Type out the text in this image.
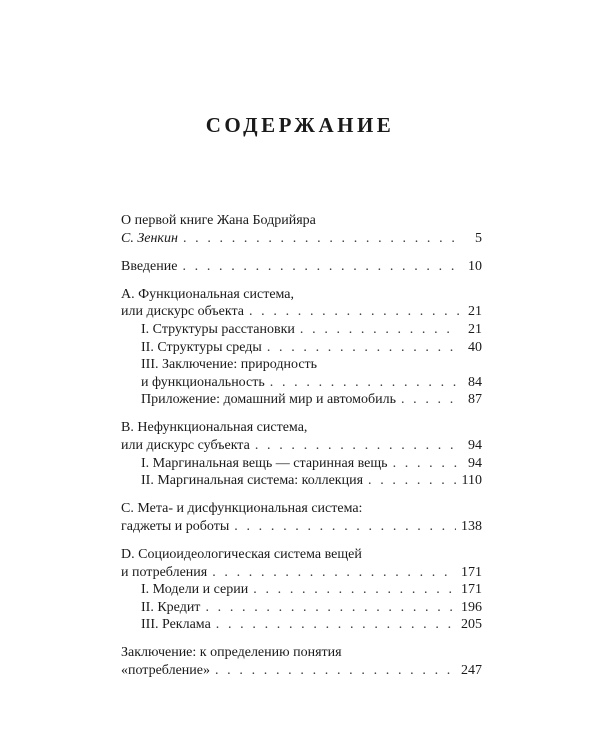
СОДЕРЖАНИЕ
О первой книге Жана Бодрийяра
С. Зенкин . . .	5
Введение . . .	10
A. Функциональная система,
или дискурс объекта . . .	21
I. Структуры расстановки . . .	21
II. Структуры среды . . .	40
III. Заключение: природность
и функциональность . . .	84
Приложение: домашний мир и автомобиль . . .	87
B. Нефункциональная система,
или дискурс субъекта . . .	94
I. Маргинальная вещь — старинная вещь . . .	94
II. Маргинальная система: коллекция . . .	110
C. Мета- и дисфункциональная система:
гаджеты и роботы . . .	138
D. Социоидеологическая система вещей
и потребления . . .	171
I. Модели и серии . . .	171
II. Кредит . . .	196
III. Реклама . . .	205
Заключение: к определению понятия
«потребление» . . .	247
